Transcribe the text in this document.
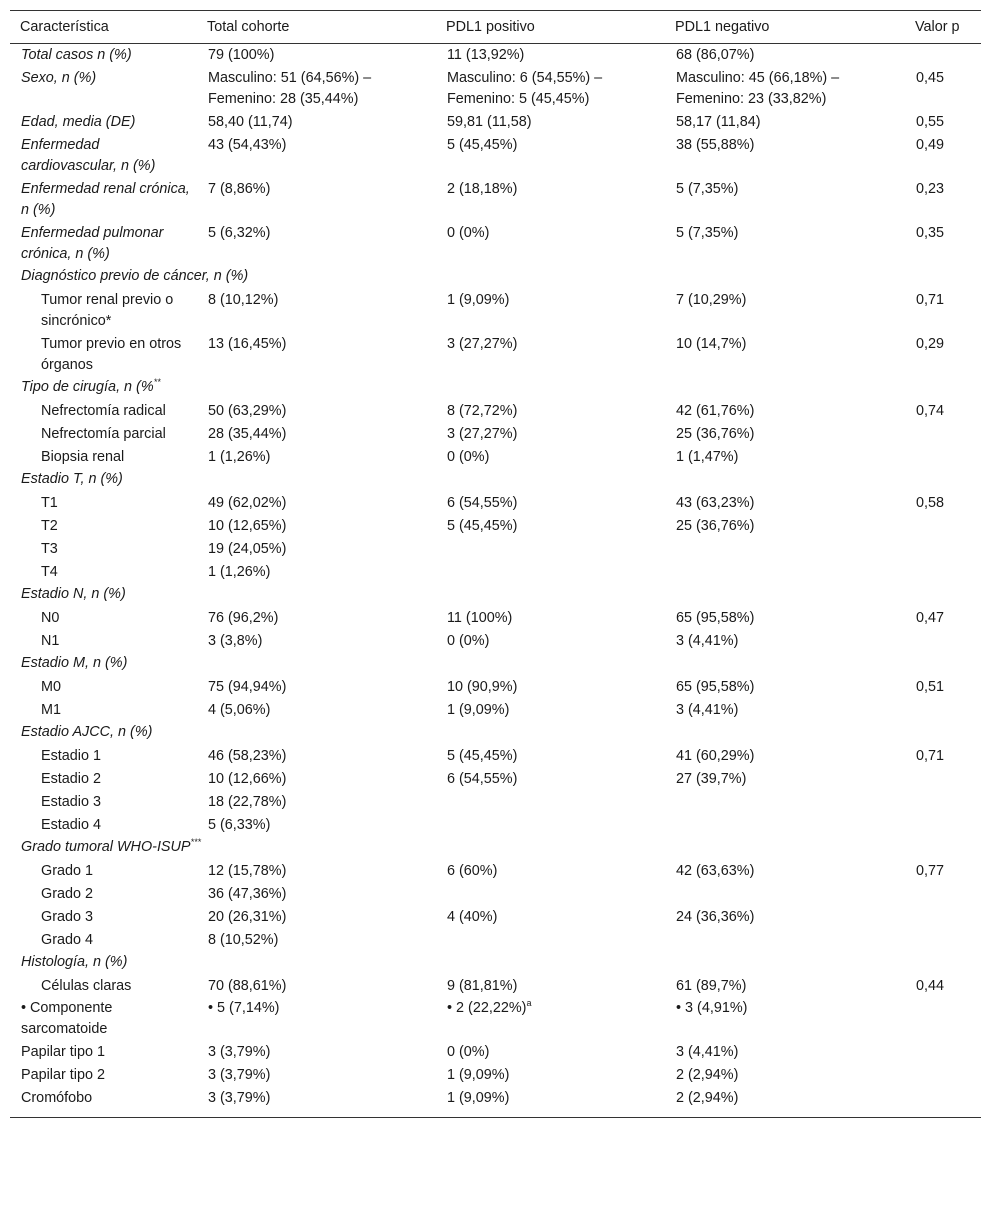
Característica	Total cohorte	PDL1 positivo	PDL1 negativo	Valor p
Total casos n (%)	79 (100%)	11 (13,92%)	68 (86,07%)	
Sexo, n (%)	Masculino: 51 (64,56%) – Femenino: 28 (35,44%)	Masculino: 6 (54,55%) – Femenino: 5 (45,45%)	Masculino: 45 (66,18%) – Femenino: 23 (33,82%)	0,45
Edad, media (DE)	58,40 (11,74)	59,81 (11,58)	58,17 (11,84)	0,55
Enfermedad cardiovascular, n (%)	43 (54,43%)	5 (45,45%)	38 (55,88%)	0,49
Enfermedad renal crónica, n (%)	7 (8,86%)	2 (18,18%)	5 (7,35%)	0,23
Enfermedad pulmonar crónica, n (%)	5 (6,32%)	0 (0%)	5 (7,35%)	0,35
Diagnóstico previo de cáncer, n (%)				
Tumor renal previo o sincrónico*	8 (10,12%)	1 (9,09%)	7 (10,29%)	0,71
Tumor previo en otros órganos	13 (16,45%)	3 (27,27%)	10 (14,7%)	0,29
Tipo de cirugía, n (%**
Nefrectomía radical	50 (63,29%)	8 (72,72%)	42 (61,76%)	0,74
Nefrectomía parcial	28 (35,44%)	3 (27,27%)	25 (36,76%)	
Biopsia renal	1 (1,26%)	0 (0%)	1 (1,47%)	
Estadio T, n (%)				
T1	49 (62,02%)	6 (54,55%)	43 (63,23%)	0,58
T2	10 (12,65%)	5 (45,45%)	25 (36,76%)	
T3	19 (24,05%)			
T4	1 (1,26%)			
Estadio N, n (%)				
N0	76 (96,2%)	11 (100%)	65 (95,58%)	0,47
N1	3 (3,8%)	0 (0%)	3 (4,41%)	
Estadio M, n (%)				
M0	75 (94,94%)	10 (90,9%)	65 (95,58%)	0,51
M1	4 (5,06%)	1 (9,09%)	3 (4,41%)	
Estadio AJCC, n (%)				
Estadio 1	46 (58,23%)	5 (45,45%)	41 (60,29%)	0,71
Estadio 2	10 (12,66%)	6 (54,55%)	27 (39,7%)	
Estadio 3	18 (22,78%)			
Estadio 4	5 (6,33%)			
Grado tumoral WHO-ISUP***
Grado 1	12 (15,78%)	6 (60%)	42 (63,63%)	0,77
Grado 2	36 (47,36%)			
Grado 3	20 (26,31%)	4 (40%)	24 (36,36%)	
Grado 4	8 (10,52%)			
Histología, n (%)				
Células claras	70 (88,61%)	9 (81,81%)	61 (89,7%)	0,44
• Componente sarcomatoide	• 5 (7,14%)	• 2 $(22,22\%)^a$	• 3 (4,91%)	
Papilar tipo 1	3 (3,79%)	0 (0%)	3 (4,41%)	
Papilar tipo 2	3 (3,79%)	1 (9,09%)	2 (2,94%)	
Cromófobo	3 (3,79%)	1 (9,09%)	2 (2,94%)	
